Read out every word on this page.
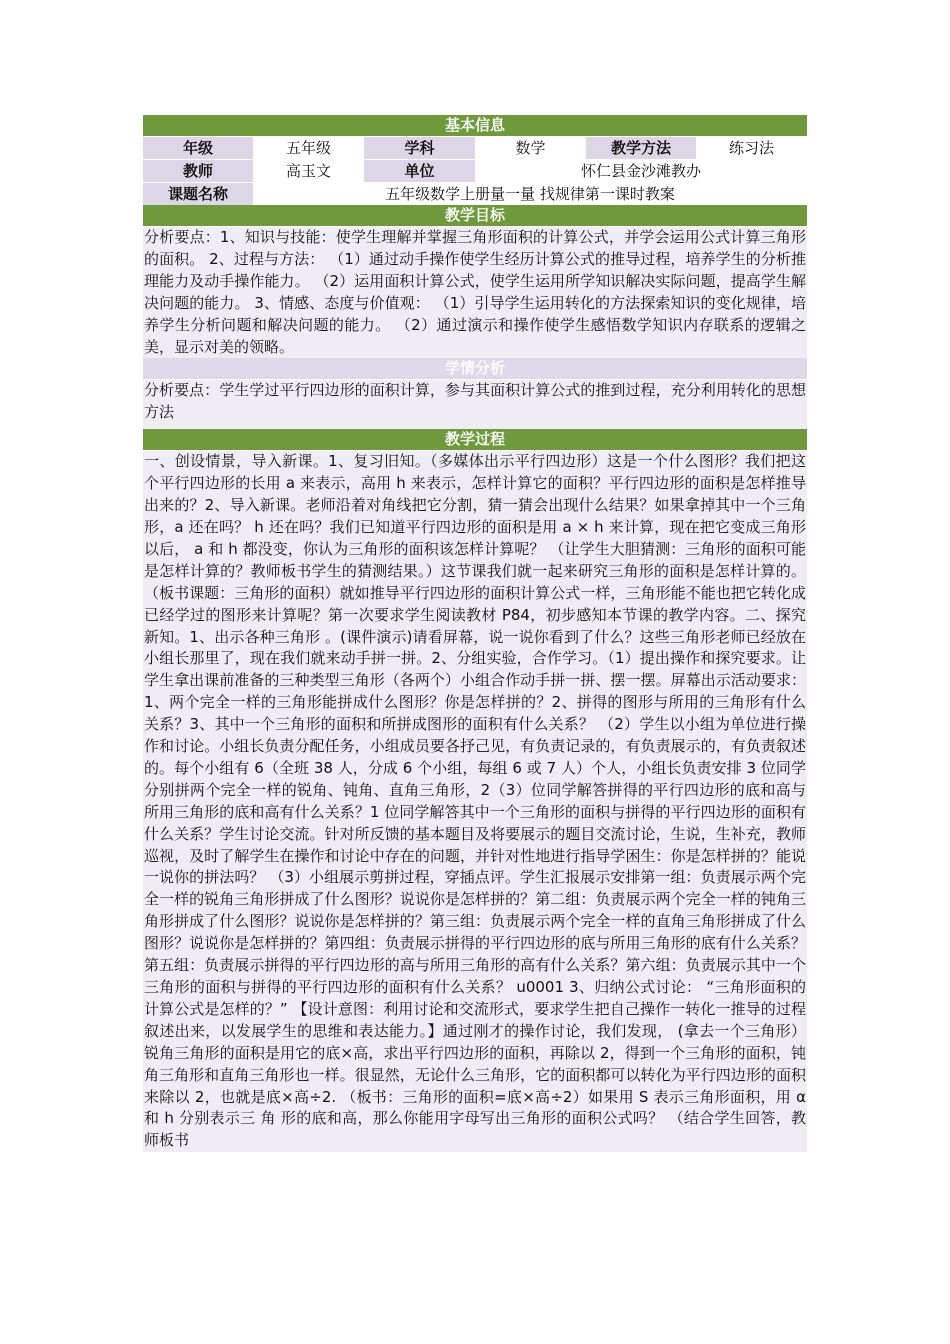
基本信息
年级	五年级	学科	数学	教学方法	练习法
教师	高玉文	单位	怀仁县金沙滩教办
课题名称	五年级数学上册量一量 找规律第一课时教案
教学目标
分析要点：1、知识与技能：使学生理解并掌握三角形面积的计算公式，并学会运用公式计算三角形的面积。 2、过程与方法： （1）通过动手操作使学生经历计算公式的推导过程，培养学生的分析推理能力及动手操作能力。 （2）运用面积计算公式，使学生运用所学知识解决实际问题，提高学生解决问题的能力。 3、情感、态度与价值观： （1）引导学生运用转化的方法探索知识的变化规律，培养学生分析问题和解决问题的能力。 （2）通过演示和操作使学生感悟数学知识内存联系的逻辑之美，显示对美的领略。
学情分析
分析要点：学生学过平行四边形的面积计算，参与其面积计算公式的推到过程，充分利用转化的思想方法
教学过程
一、创设情景，导入新课。1、复习旧知。（多媒体出示平行四边形）这是一个什么图形？我们把这个平行四边形的长用 a 来表示，高用 h 来表示，怎样计算它的面积？平行四边形的面积是怎样推导出来的？2、导入新课。老师沿着对角线把它分割，猜一猜会出现什么结果？如果拿掉其中一个三角形，a 还在吗？ h 还在吗？我们已知道平行四边形的面积是用 a × h 来计算，现在把它变成三角形以后， a 和 h 都没变，你认为三角形的面积该怎样计算呢？ （让学生大胆猜测：三角形的面积可能是怎样计算的？教师板书学生的猜测结果。）这节课我们就一起来研究三角形的面积是怎样计算的。 （板书课题：三角形的面积）就如推导平行四边形的面积计算公式一样，三角形能不能也把它转化成已经学过的图形来计算呢？第一次要求学生阅读教材 P84，初步感知本节课的教学内容。二、探究新知。1、出示各种三角形 。(课件演示)请看屏幕，说一说你看到了什么？这些三角形老师已经放在小组长那里了，现在我们就来动手拼一拼。2、分组实验，合作学习。（1）提出操作和探究要求。让学生拿出课前准备的三种类型三角形（各两个）小组合作动手拼一拼、摆一摆。屏幕出示活动要求：1、两个完全一样的三角形能拼成什么图形？你是怎样拼的？2、拼得的图形与所用的三角形有什么关系？3、其中一个三角形的面积和所拼成图形的面积有什么关系？ （2）学生以小组为单位进行操作和讨论。小组长负责分配任务，小组成员要各抒己见，有负责记录的，有负责展示的，有负责叙述的。每个小组有 6（全班 38 人，分成 6 个小组，每组 6 或 7 人）个人，小组长负责安排 3 位同学分别拼两个完全一样的锐角、钝角、直角三角形，2（3）位同学解答拼得的平行四边形的底和高与所用三角形的底和高有什么关系？1 位同学解答其中一个三角形的面积与拼得的平行四边形的面积有什么关系？学生讨论交流。针对所反馈的基本题目及将要展示的题目交流讨论，生说，生补充，教师巡视，及时了解学生在操作和讨论中存在的问题，并针对性地进行指导学困生：你是怎样拼的？能说一说你的拼法吗？ （3）小组展示剪拼过程，穿插点评。学生汇报展示安排第一组：负责展示两个完全一样的锐角三角形拼成了什么图形？说说你是怎样拼的？第二组：负责展示两个完全一样的钝角三角形拼成了什么图形？说说你是怎样拼的？第三组：负责展示两个完全一样的直角三角形拼成了什么图形？说说你是怎样拼的？第四组：负责展示拼得的平行四边形的底与所用三角形的底有什么关系？第五组：负责展示拼得的平行四边形的高与所用三角形的高有什么关系？第六组：负责展示其中一个三角形的面积与拼得的平行四边形的面积有什么关系？ u0001 3、归纳公式讨论： “三角形面积的计算公式是怎样的？” 【设计意图：利用讨论和交流形式，要求学生把自己操作一转化一推导的过程叙述出来，以发展学生的思维和表达能力。】通过刚才的操作讨论，我们发现， (拿去一个三角形）锐角三角形的面积是用它的底×高，求出平行四边形的面积，再除以 2，得到一个三角形的面积，钝角三角形和直角三角形也一样。很显然，无论什么三角形，它的面积都可以转化为平行四边形的面积来除以 2，也就是底×高÷2. （板书：三角形的面积=底×高÷2）如果用 S 表示三角形面积，用 α 和 h 分别表示三 角 形的底和高，那么你能用字母写出三角形的面积公式吗？ （结合学生回答，教师板书
